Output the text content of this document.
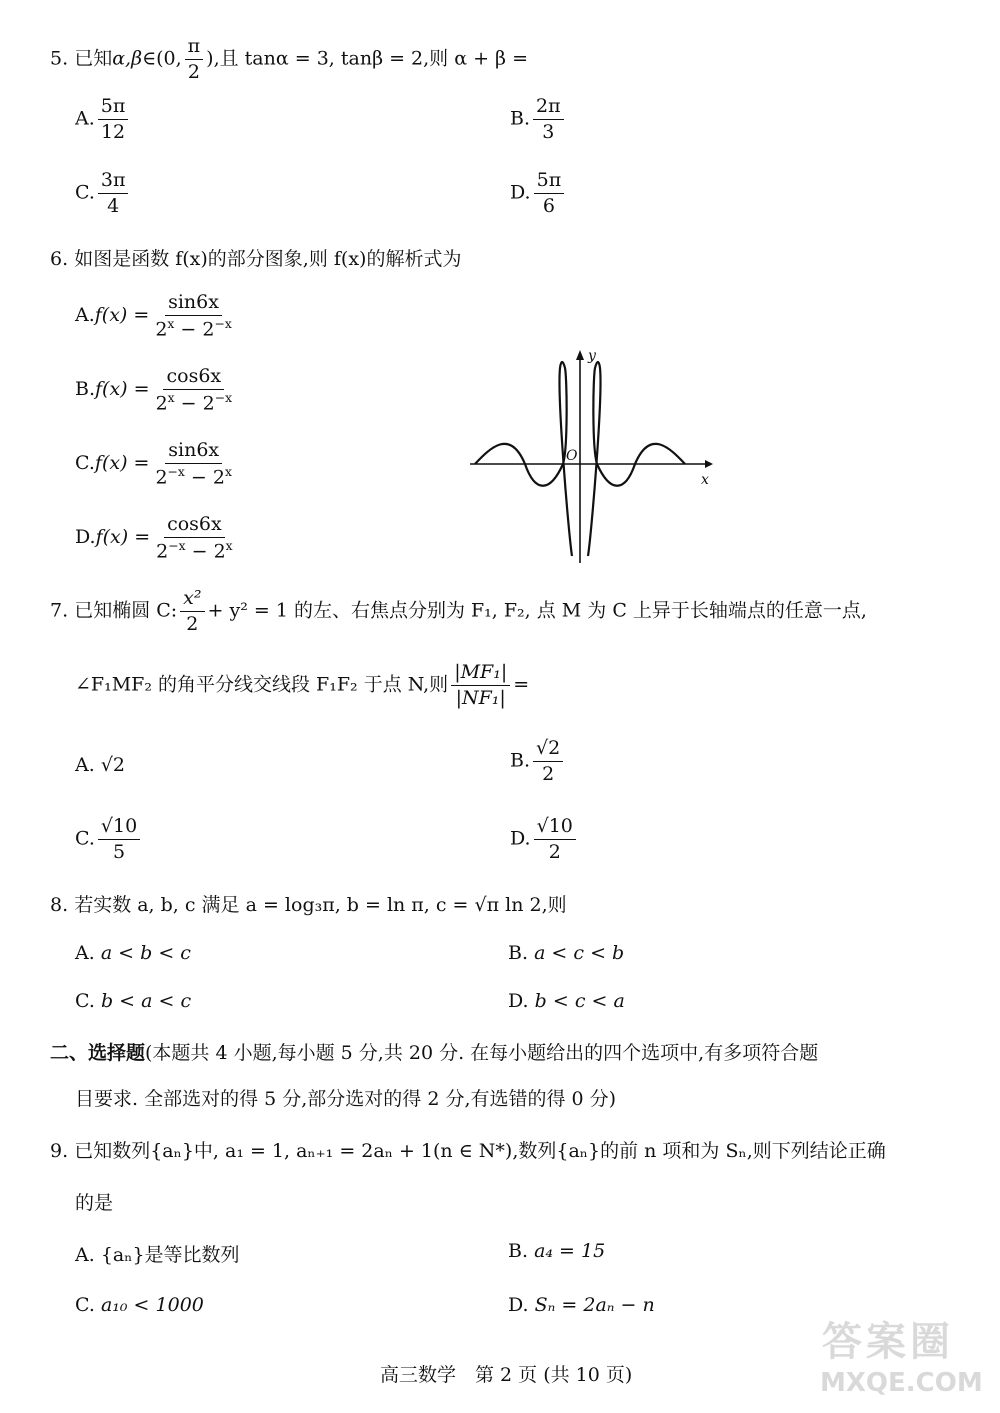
5. 已知α,β∈(0, $\frac{\pi}{2}$ ),且 tanα = 3, tanβ = 2,则 α + β =
A. $\frac{5\pi}{12}$	B. $\frac{2\pi}{3}$
C. $\frac{3\pi}{4}$	D. $\frac{5\pi}{6}$
6. 如图是函数 f(x)的部分图象,则 f(x)的解析式为
$A.f(x) = \frac{\sin 6x}{2^x - 2^{-x}}$
$B.f(x) = \frac{\cos 6x}{2^x - 2^{-x}}$
$C.f(x) = \frac{\sin 6x}{2^{-x} - 2^x}$
$D.f(x) = \frac{\cos 6x}{2^{-x} - 2^x}$
y
x
O
7. 已知椭圆 C: $\frac{\text{x²}}{2} + y^2 = 1$ 的左、右焦点分别为 F₁, F₂, 点 M 为 C 上异于长轴端点的任意一点,
∠F₁MF₂ 的角平分线交线段 F₁F₂ 于点 N,则 $\frac{\text{|MF₁|}}{\text{|NF₁|}}$ =
A. √2	B. $\frac{√2}{2}$
C. $\frac{√10}{5}$	D. $\frac{√10}{2}$
8. 若实数 a, b, c 满足 a = log₃π, b = ln π, c = √π ln 2,则
A. a < b < c	B. a < c < b
C. b < a < c	D. b < c < a
二、选择题(本题共 4 小题,每小题 5 分,共 20 分. 在每小题给出的四个选项中,有多项符合题
目要求. 全部选对的得 5 分,部分选对的得 2 分,有选错的得 0 分)
9. 已知数列{aₙ}中, a₁ = 1, aₙ₊₁ = 2aₙ + 1(n ∈ N*),数列{aₙ}的前 n 项和为 Sₙ,则下列结论正确
的是
A. {aₙ}是等比数列	B. a₄ = 15
C. a₁₀ < 1000	D. Sₙ = 2aₙ − n
高三数学　第 2 页 (共 10 页)
答案圈
MXQE.COM
